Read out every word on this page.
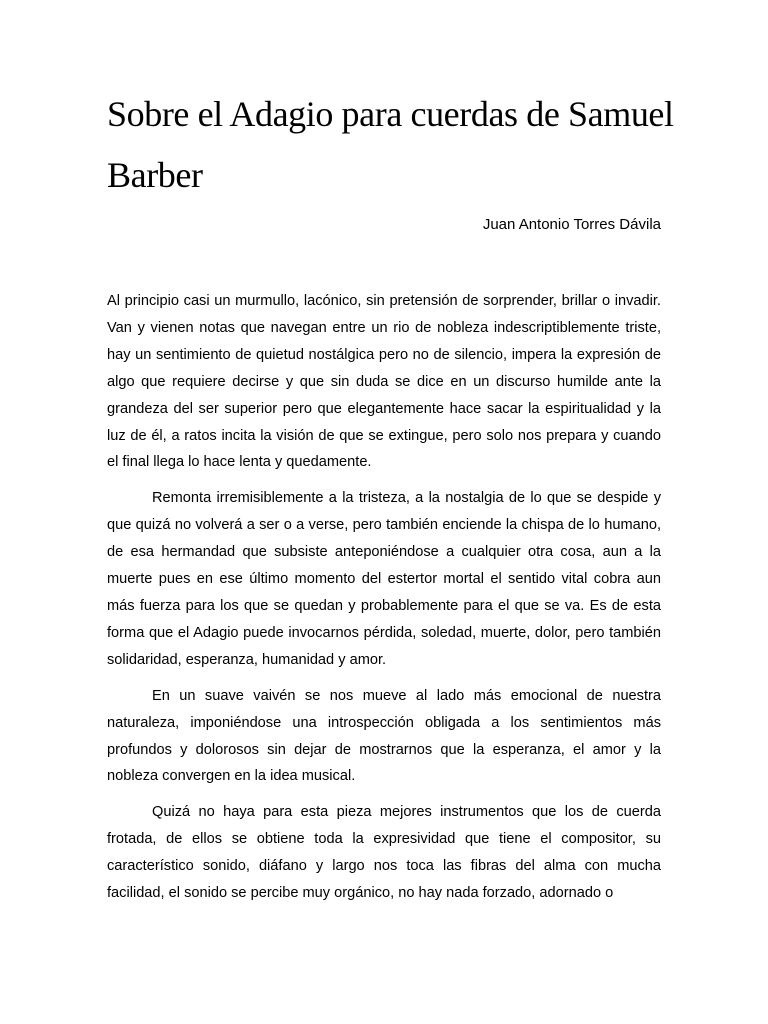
Sobre el Adagio para cuerdas de Samuel Barber
Juan Antonio Torres Dávila

Al principio casi un murmullo, lacónico, sin pretensión de sorprender, brillar o invadir. Van y vienen notas que navegan entre un rio de nobleza indescriptiblemente triste, hay un sentimiento de quietud nostálgica pero no de silencio, impera la expresión de algo que requiere decirse y que sin duda se dice en un discurso humilde ante la grandeza del ser superior pero que elegantemente hace sacar la espiritualidad y la luz de él, a ratos incita la visión de que se extingue, pero solo nos prepara y cuando el final llega lo hace lenta y quedamente.

Remonta irremisiblemente a la tristeza, a la nostalgia de lo que se despide y que quizá no volverá a ser o a verse, pero también enciende la chispa de lo humano, de esa hermandad que subsiste anteponiéndose a cualquier otra cosa, aun a la muerte pues en ese último momento del estertor mortal el sentido vital cobra aun más fuerza para los que se quedan y probablemente para el que se va. Es de esta forma que el Adagio puede invocarnos pérdida, soledad, muerte, dolor, pero también solidaridad, esperanza, humanidad y amor.

En un suave vaivén se nos mueve al lado más emocional de nuestra naturaleza, imponiéndose una introspección obligada a los sentimientos más profundos y dolorosos sin dejar de mostrarnos que la esperanza, el amor y la nobleza convergen en la idea musical.

Quizá no haya para esta pieza mejores instrumentos que los de cuerda frotada, de ellos se obtiene toda la expresividad que tiene el compositor, su característico sonido, diáfano y largo nos toca las fibras del alma con mucha facilidad, el sonido se percibe muy orgánico, no hay nada forzado, adornado o
